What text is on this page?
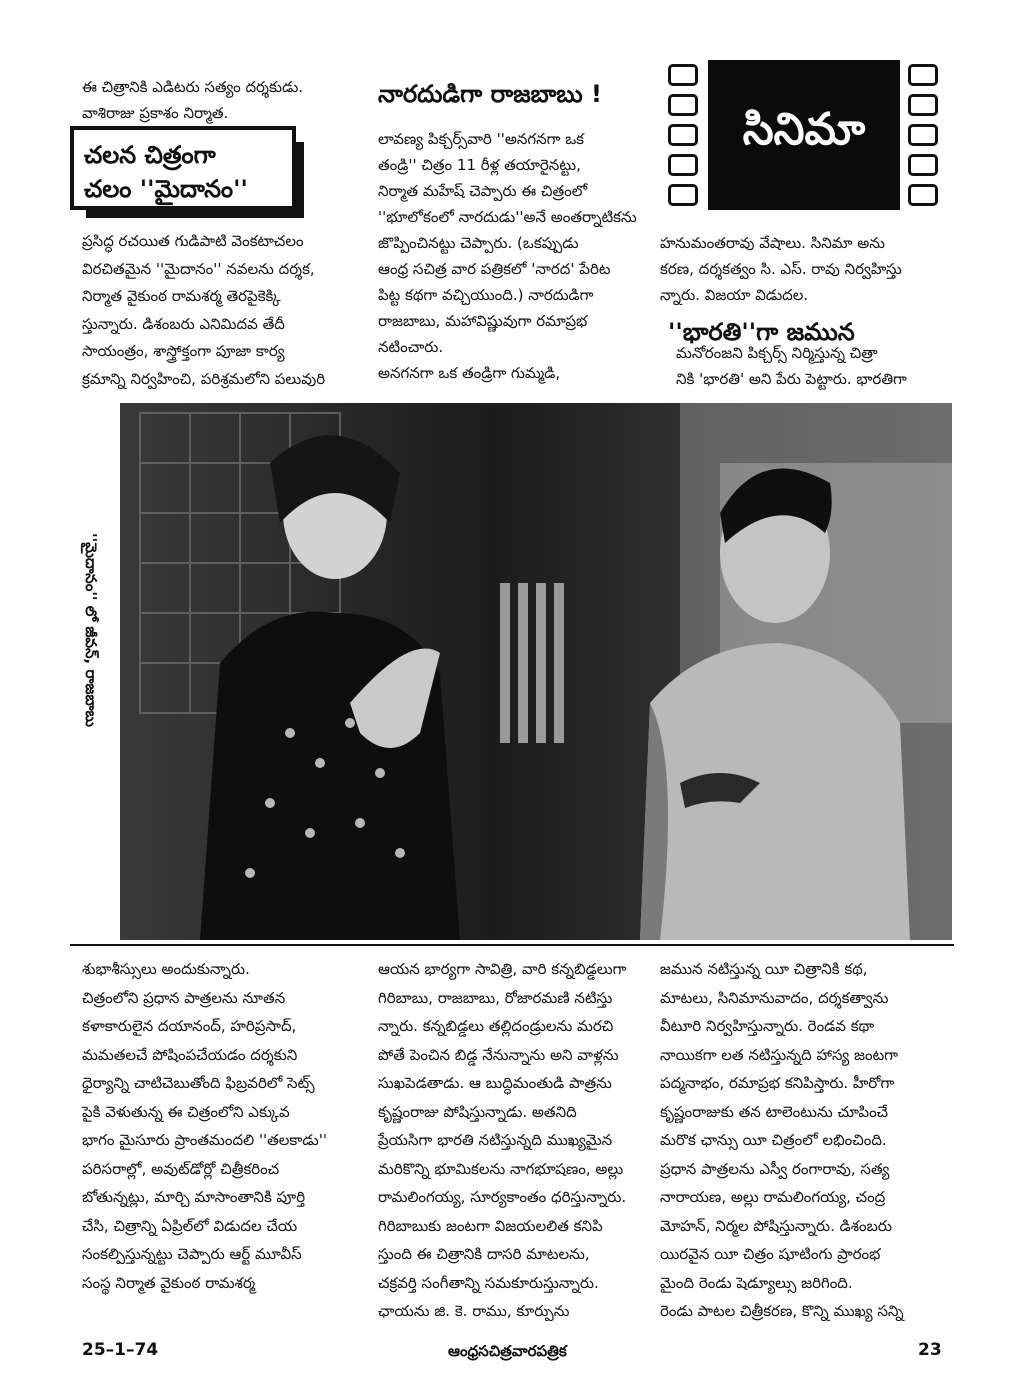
ఈ చిత్రానికి ఎడిటరు సత్యం దర్శకుడు.
వాశిరాజు ప్రకాశం నిర్మాత.
చలన చిత్రంగా
చలం ''మైదానం''
ప్రసిద్ధ రచయిత గుడిపాటి వెంకటాచలం
విరచితమైన ''మైదానం'' నవలను దర్శక,
నిర్మాత వైకుంఠ రామశర్మ తెరపైకెక్కి
స్తున్నారు. డిశంబరు ఎనిమిదవ తేదీ
సాయంత్రం, శాస్త్రోక్తంగా పూజా కార్య
క్రమాన్ని నిర్వహించి, పరిశ్రమలోని పలువురి
నారదుడిగా రాజబాబు !
లావణ్య పిక్చర్స్‌వారి ''అనగనగా ఒక
తండ్రి'' చిత్రం 11 రీళ్ల తయారైనట్టు,
నిర్మాత మహేష్ చెప్పారు ఈ చిత్రంలో
''భూలోకంలో నారదుడు''అనే అంతర్నాటికను
జొప్పించినట్టు చెప్పారు. (ఒకప్పుడు
ఆంధ్ర సచిత్ర వార పత్రికలో 'నారద' పేరిట
పిట్ట కథగా వచ్చియుంది.) నారదుడిగా
రాజబాబు, మహావిష్ణువుగా రమాప్రభ
నటించారు.
అనగనగా ఒక తండ్రిగా గుమ్మడి,
సినిమా
హనుమంతరావు వేషాలు. సినిమా అను
కరణ, దర్శకత్వం సి. ఎస్. రావు నిర్వహిస్తు
న్నారు. విజయా విడుదల.
''భారతి''గా జమున
మనోరంజని పిక్చర్స్ నిర్మిస్తున్న చిత్రా
నికి 'భారతి' అని పేరు పెట్టారు. భారతిగా
''మైదానం'' లో జీవన్, రాజబాబు
శుభాశీస్సులు అందుకున్నారు.
చిత్రంలోని ప్రధాన పాత్రలను నూతన
కళాకారులైన దయానంద్, హరిప్రసాద్,
మమతలచే పోషింపచేయడం దర్శకుని
ధైర్యాన్ని చాటిచెబుతోంది ఫిబ్రవరిలో సెట్స్
పైకి వెళుతున్న ఈ చిత్రంలోని ఎక్కువ
భాగం మైసూరు ప్రాంతమందలి ''తలకాడు''
పరిసరాల్లో, అవుట్‌డోర్లో చిత్రీకరించ
బోతున్నట్లు, మార్చి మాసాంతానికి పూర్తి
చేసి, చిత్రాన్ని ఏప్రిల్‌లో విడుదల చేయ
సంకల్పిస్తున్నట్టు చెప్పారు ఆర్ట్ మూవీస్
సంస్థ నిర్మాత వైకుంఠ రామశర్మ
ఆయన భార్యగా సావిత్రి, వారి కన్నబిడ్డలుగా
గిరిబాబు, రాజబాబు, రోజారమణి నటిస్తు
న్నారు. కన్నబిడ్డలు తల్లిదండ్రులను మరచి
పోతే పెంచిన బిడ్డ నేనున్నాను అని వాళ్లను
సుఖపెడతాడు. ఆ బుద్ధిమంతుడి పాత్రను
కృష్ణంరాజు పోషిస్తున్నాడు. అతనిది
ప్రేయసిగా భారతి నటిస్తున్నది ముఖ్యమైన
మరికొన్ని భూమికలను నాగభూషణం, అల్లు
రామలింగయ్య, సూర్యకాంతం ధరిస్తున్నారు.
గిరిబాబుకు జంటగా విజయలలిత కనిపి
స్తుంది ఈ చిత్రానికి దాసరి మాటలను,
చక్రవర్తి సంగీతాన్ని సమకూరుస్తున్నారు.
ఛాయను జి. కె. రాము, కూర్పును
జమున నటిస్తున్న యీ చిత్రానికి కథ,
మాటలు, సినిమానువాదం, దర్శకత్వాను
వీటూరి నిర్వహిస్తున్నారు. రెండవ కథా
నాయికగా లత నటిస్తున్నది హాస్య జంటగా
పద్మనాభం, రమాప్రభ కనిపిస్తారు. హీరోగా
కృష్ణంరాజుకు తన టాలెంటును చూపించే
మరొక ఛాన్సు యీ చిత్రంలో లభించింది.
ప్రధాన పాత్రలను ఎస్వీ రంగారావు, సత్య
నారాయణ, అల్లు రామలింగయ్య, చంద్ర
మోహన్, నిర్మల పోషిస్తున్నారు. డిశంబరు
యిరవైన యీ చిత్రం షూటింగు ప్రారంభ
మైంది రెండు షెడ్యూల్సు జరిగింది.
రెండు పాటల చిత్రీకరణ, కొన్ని ముఖ్య సన్ని
25–1–74	ఆంధ్రసచిత్రవారపత్రిక	23
